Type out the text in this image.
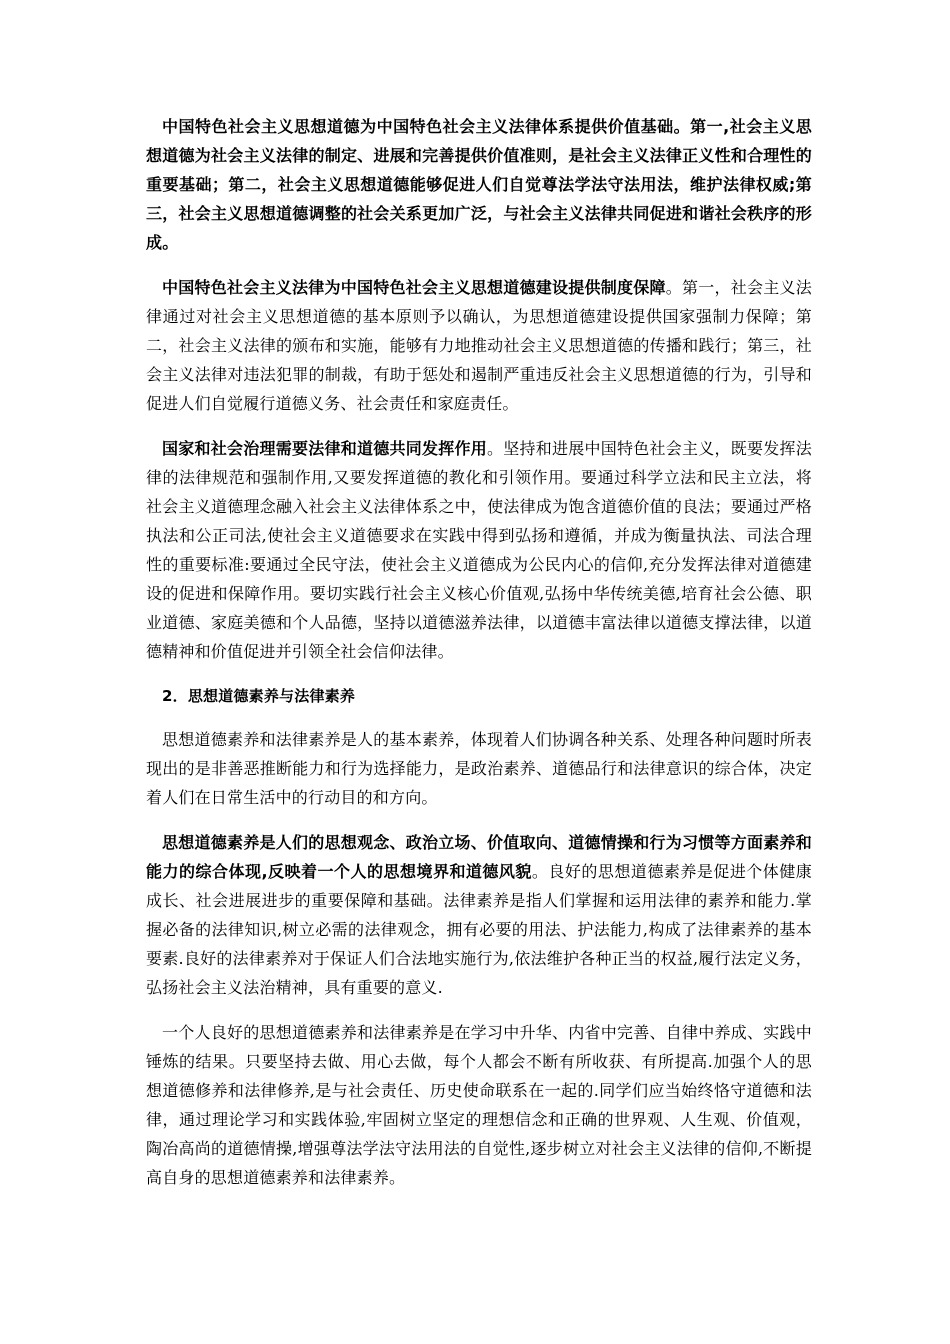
中国特色社会主义思想道德为中国特色社会主义法律体系提供价值基础。第一,社会主义思想道德为社会主义法律的制定、进展和完善提供价值准则，是社会主义法律正义性和合理性的重要基础；第二，社会主义思想道德能够促进人们自觉尊法学法守法用法，维护法律权威;第三，社会主义思想道德调整的社会关系更加广泛，与社会主义法律共同促进和谐社会秩序的形成。

中国特色社会主义法律为中国特色社会主义思想道德建设提供制度保障。第一，社会主义法律通过对社会主义思想道德的基本原则予以确认，为思想道德建设提供国家强制力保障；第二，社会主义法律的颁布和实施，能够有力地推动社会主义思想道德的传播和践行；第三，社会主义法律对违法犯罪的制裁，有助于惩处和遏制严重违反社会主义思想道德的行为，引导和促进人们自觉履行道德义务、社会责任和家庭责任。

国家和社会治理需要法律和道德共同发挥作用。坚持和进展中国特色社会主义，既要发挥法律的法律规范和强制作用,又要发挥道德的教化和引领作用。要通过科学立法和民主立法，将社会主义道德理念融入社会主义法律体系之中，使法律成为饱含道德价值的良法；要通过严格执法和公正司法,使社会主义道德要求在实践中得到弘扬和遵循，并成为衡量执法、司法合理性的重要标准:要通过全民守法，使社会主义道德成为公民内心的信仰,充分发挥法律对道德建设的促进和保障作用。要切实践行社会主义核心价值观,弘扬中华传统美德,培育社会公德、职业道德、家庭美德和个人品德，坚持以道德滋养法律，以道德丰富法律以道德支撑法律，以道德精神和价值促进并引领全社会信仰法律。

2．思想道德素养与法律素养

思想道德素养和法律素养是人的基本素养，体现着人们协调各种关系、处理各种问题时所表现出的是非善恶推断能力和行为选择能力，是政治素养、道德品行和法律意识的综合体，决定着人们在日常生活中的行动目的和方向。

思想道德素养是人们的思想观念、政治立场、价值取向、道德情操和行为习惯等方面素养和能力的综合体现,反映着一个人的思想境界和道德风貌。良好的思想道德素养是促进个体健康成长、社会进展进步的重要保障和基础。法律素养是指人们掌握和运用法律的素养和能力.掌握必备的法律知识,树立必需的法律观念，拥有必要的用法、护法能力,构成了法律素养的基本要素.良好的法律素养对于保证人们合法地实施行为,依法维护各种正当的权益,履行法定义务，弘扬社会主义法治精神，具有重要的意义.

一个人良好的思想道德素养和法律素养是在学习中升华、内省中完善、自律中养成、实践中锤炼的结果。只要坚持去做、用心去做，每个人都会不断有所收获、有所提高.加强个人的思想道德修养和法律修养,是与社会责任、历史使命联系在一起的.同学们应当始终恪守道德和法律，通过理论学习和实践体验,牢固树立坚定的理想信念和正确的世界观、人生观、价值观，陶冶高尚的道德情操,增强尊法学法守法用法的自觉性,逐步树立对社会主义法律的信仰,不断提高自身的思想道德素养和法律素养。
